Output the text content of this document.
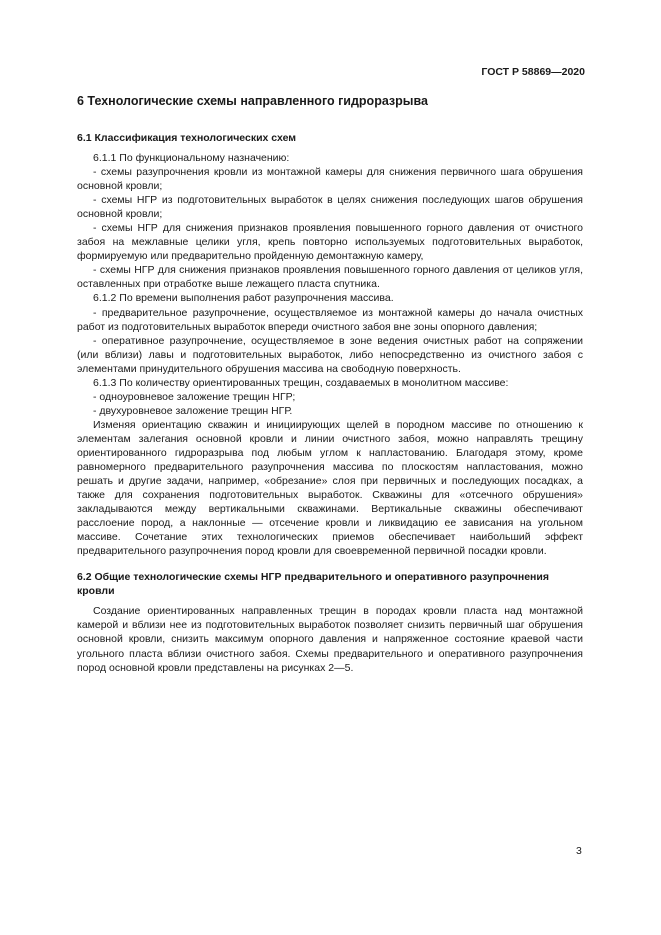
ГОСТ Р 58869—2020
6 Технологические схемы направленного гидроразрыва
6.1 Классификация технологических схем

6.1.1 По функциональному назначению:

- схемы разупрочнения кровли из монтажной камеры для снижения первичного шага обрушения основной кровли;

- схемы НГР из подготовительных выработок в целях снижения последующих шагов обрушения основной кровли;

- схемы НГР для снижения признаков проявления повышенного горного давления от очистного забоя на межлавные целики угля, крепь повторно используемых подготовительных выработок, формируемую или предварительно пройденную демонтажную камеру,

- схемы НГР для снижения признаков проявления повышенного горного давления от целиков угля, оставленных при отработке выше лежащего пласта спутника.

6.1.2 По времени выполнения работ разупрочнения массива.

- предварительное разупрочнение, осуществляемое из монтажной камеры до начала очистных работ из подготовительных выработок впереди очистного забоя вне зоны опорного давления;

- оперативное разупрочнение, осуществляемое в зоне ведения очистных работ на сопряжении (или вблизи) лавы и подготовительных выработок, либо непосредственно из очистного забоя с элементами принудительного обрушения массива на свободную поверхность.

6.1.3 По количеству ориентированных трещин, создаваемых в монолитном массиве:

- одноуровневое заложение трещин НГР;

- двухуровневое заложение трещин НГР.

Изменяя ориентацию скважин и инициирующих щелей в породном массиве по отношению к элементам залегания основной кровли и линии очистного забоя, можно направлять трещину ориентированного гидроразрыва под любым углом к напластованию. Благодаря этому, кроме равномерного предварительного разупрочнения массива по плоскостям напластования, можно решать и другие задачи, например, «обрезание» слоя при первичных и последующих посадках, а также для сохранения подготовительных выработок. Скважины для «отсечного обрушения» закладываются между вертикальными скважинами. Вертикальные скважины обеспечивают расслоение пород, а наклонные — отсечение кровли и ликвидацию ее зависания на угольном массиве. Сочетание этих технологических приемов обеспечивает наибольший эффект предварительного разупрочнения пород кровли для своевременной первичной посадки кровли.

6.2 Общие технологические схемы НГР предварительного и оперативного разупрочнения кровли

Создание ориентированных направленных трещин в породах кровли пласта над монтажной камерой и вблизи нее из подготовительных выработок позволяет снизить первичный шаг обрушения основной кровли, снизить максимум опорного давления и напряженное состояние краевой части угольного пласта вблизи очистного забоя. Схемы предварительного и оперативного разупрочнения пород основной кровли представлены на рисунках 2—5.

3
